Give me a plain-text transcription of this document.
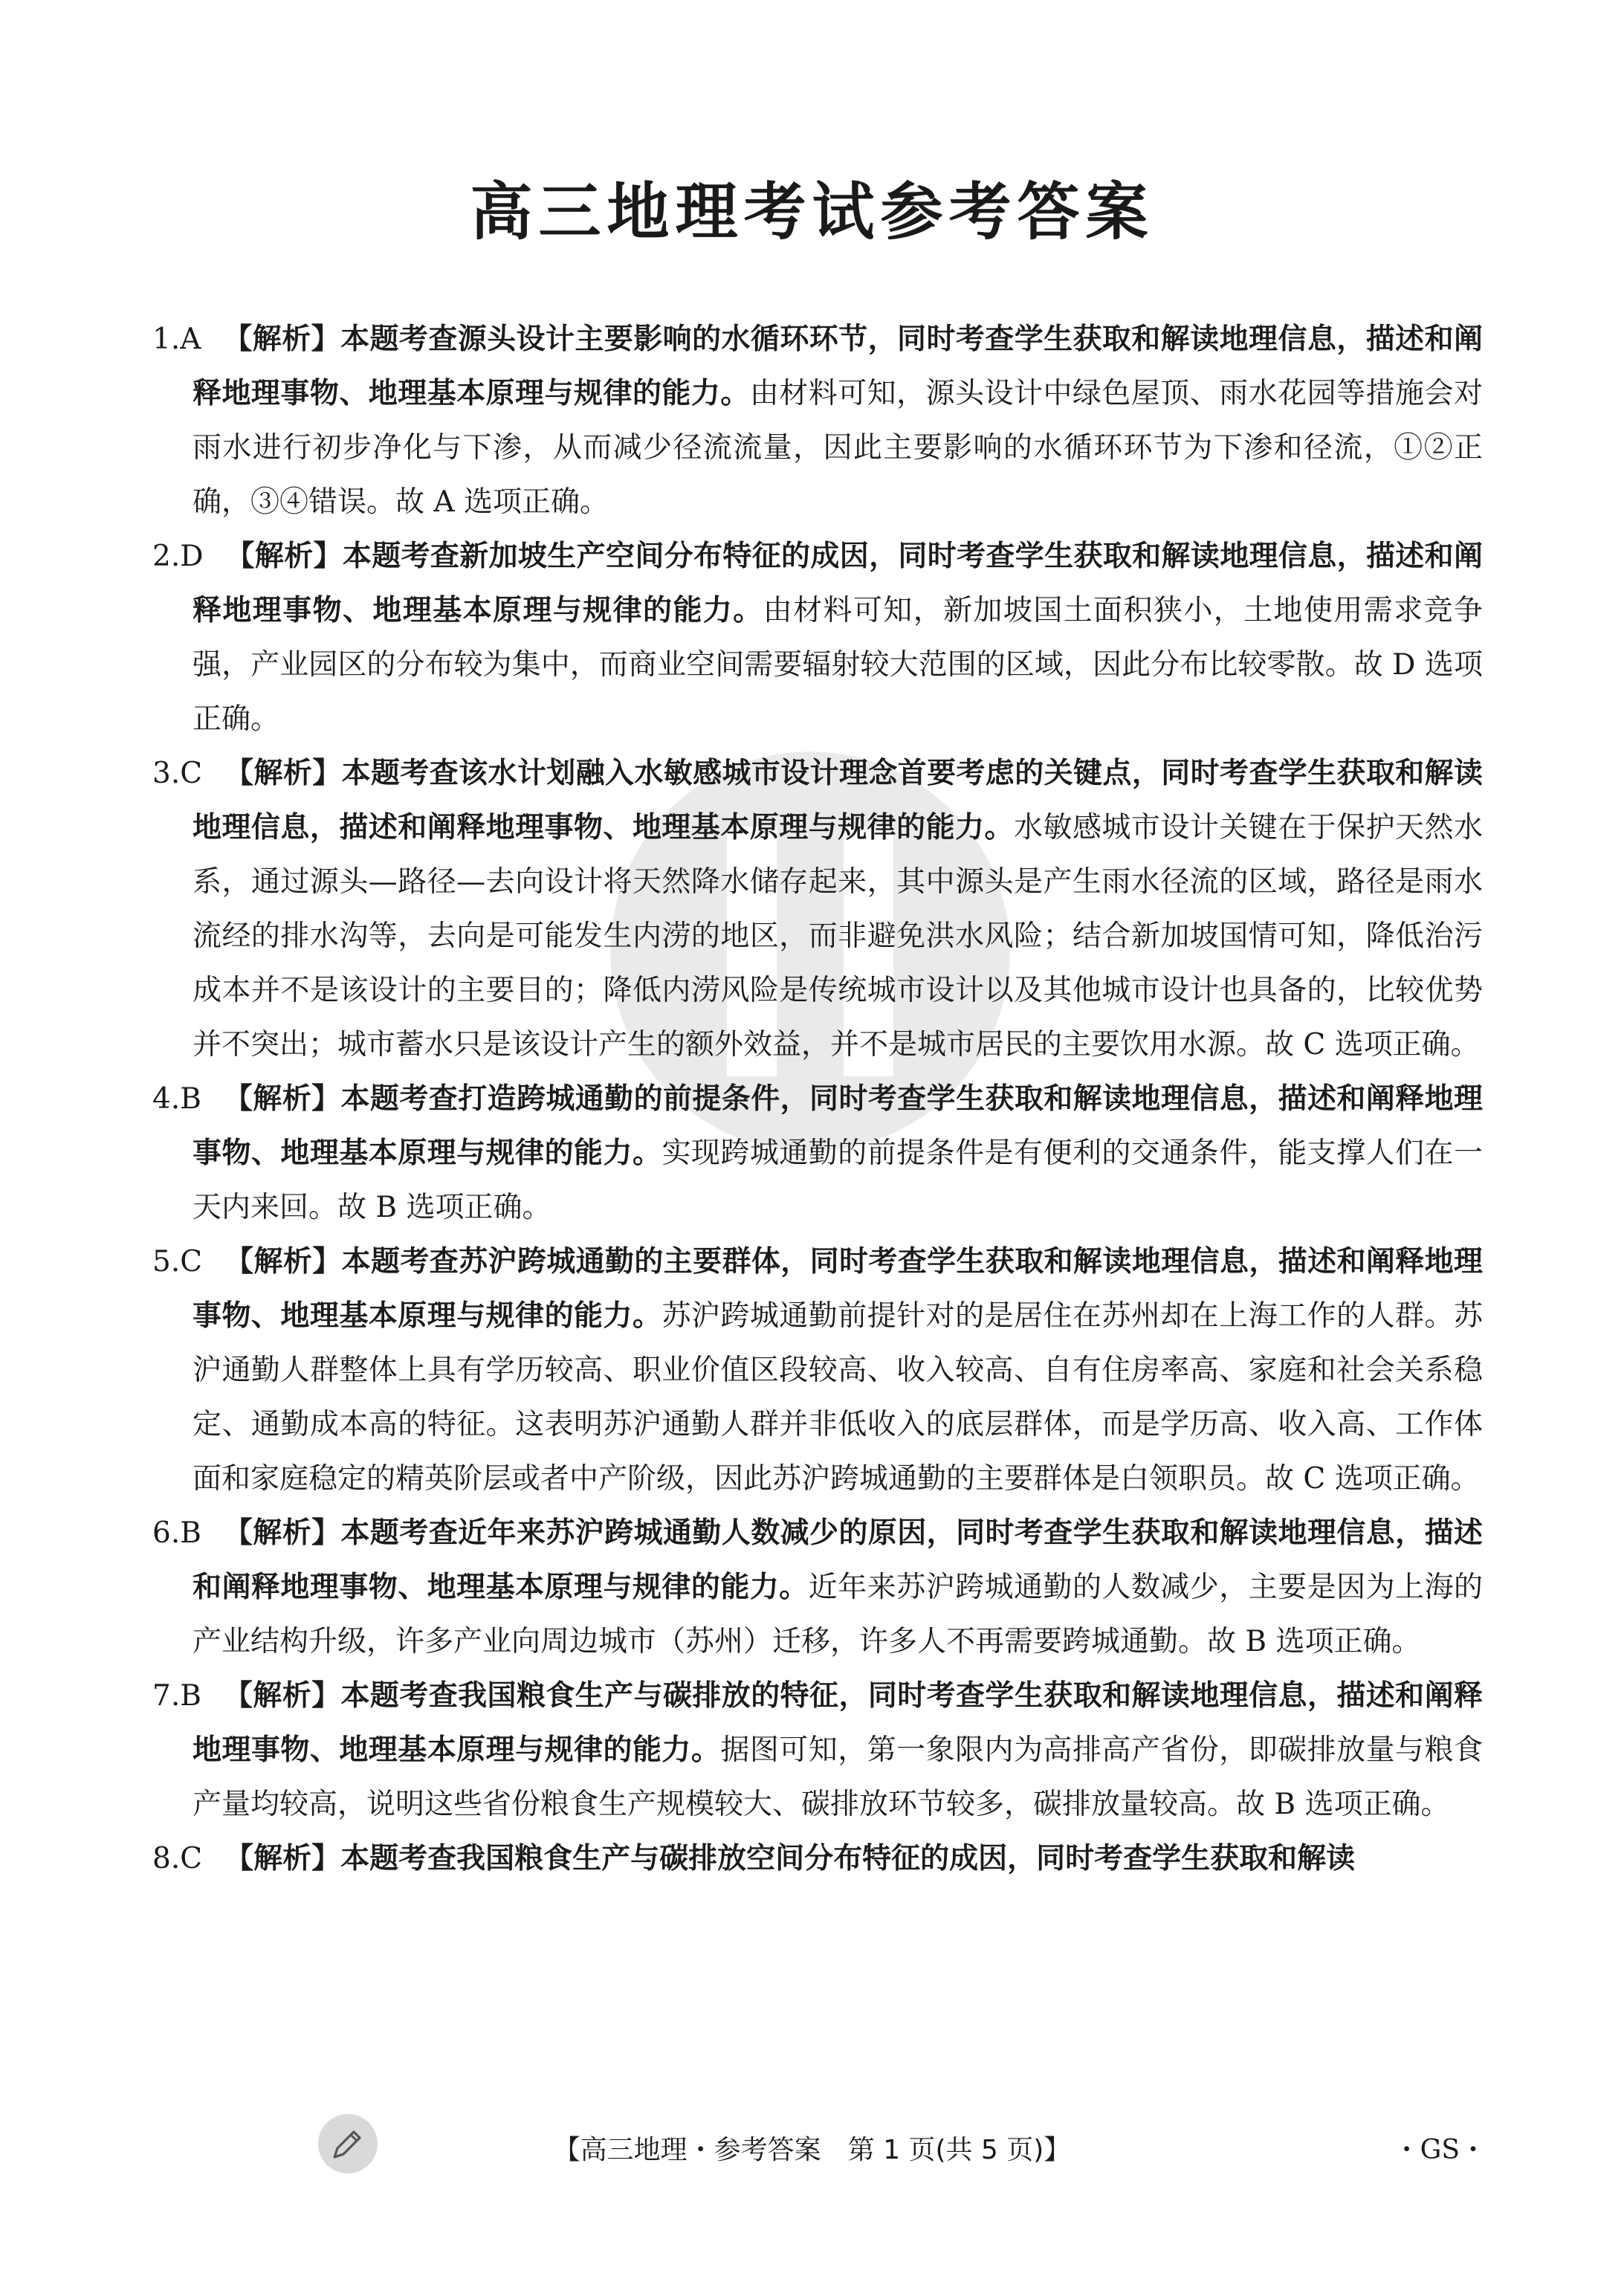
高三地理考试参考答案
1.A 【解析】本题考查源头设计主要影响的水循环环节，同时考查学生获取和解读地理信息，描述和阐释地理事物、地理基本原理与规律的能力。由材料可知，源头设计中绿色屋顶、雨水花园等措施会对雨水进行初步净化与下渗，从而减少径流流量，因此主要影响的水循环环节为下渗和径流，①②正确，③④错误。故 A 选项正确。
2.D 【解析】本题考查新加坡生产空间分布特征的成因，同时考查学生获取和解读地理信息，描述和阐释地理事物、地理基本原理与规律的能力。由材料可知，新加坡国土面积狭小，土地使用需求竞争强，产业园区的分布较为集中，而商业空间需要辐射较大范围的区域，因此分布比较零散。故 D 选项正确。
3.C 【解析】本题考查该水计划融入水敏感城市设计理念首要考虑的关键点，同时考查学生获取和解读地理信息，描述和阐释地理事物、地理基本原理与规律的能力。水敏感城市设计关键在于保护天然水系，通过源头—路径—去向设计将天然降水储存起来，其中源头是产生雨水径流的区域，路径是雨水流经的排水沟等，去向是可能发生内涝的地区，而非避免洪水风险；结合新加坡国情可知，降低治污成本并不是该设计的主要目的；降低内涝风险是传统城市设计以及其他城市设计也具备的，比较优势并不突出；城市蓄水只是该设计产生的额外效益，并不是城市居民的主要饮用水源。故 C 选项正确。
4.B 【解析】本题考查打造跨城通勤的前提条件，同时考查学生获取和解读地理信息，描述和阐释地理事物、地理基本原理与规律的能力。实现跨城通勤的前提条件是有便利的交通条件，能支撑人们在一天内来回。故 B 选项正确。
5.C 【解析】本题考查苏沪跨城通勤的主要群体，同时考查学生获取和解读地理信息，描述和阐释地理事物、地理基本原理与规律的能力。苏沪跨城通勤前提针对的是居住在苏州却在上海工作的人群。苏沪通勤人群整体上具有学历较高、职业价值区段较高、收入较高、自有住房率高、家庭和社会关系稳定、通勤成本高的特征。这表明苏沪通勤人群并非低收入的底层群体，而是学历高、收入高、工作体面和家庭稳定的精英阶层或者中产阶级，因此苏沪跨城通勤的主要群体是白领职员。故 C 选项正确。
6.B 【解析】本题考查近年来苏沪跨城通勤人数减少的原因，同时考查学生获取和解读地理信息，描述和阐释地理事物、地理基本原理与规律的能力。近年来苏沪跨城通勤的人数减少，主要是因为上海的产业结构升级，许多产业向周边城市（苏州）迁移，许多人不再需要跨城通勤。故 B 选项正确。
7.B 【解析】本题考查我国粮食生产与碳排放的特征，同时考查学生获取和解读地理信息，描述和阐释地理事物、地理基本原理与规律的能力。据图可知，第一象限内为高排高产省份，即碳排放量与粮食产量均较高，说明这些省份粮食生产规模较大、碳排放环节较多，碳排放量较高。故 B 选项正确。
8.C 【解析】本题考查我国粮食生产与碳排放空间分布特征的成因，同时考查学生获取和解读
【高三地理・参考答案　第 1 页(共 5 页)】	・GS・
